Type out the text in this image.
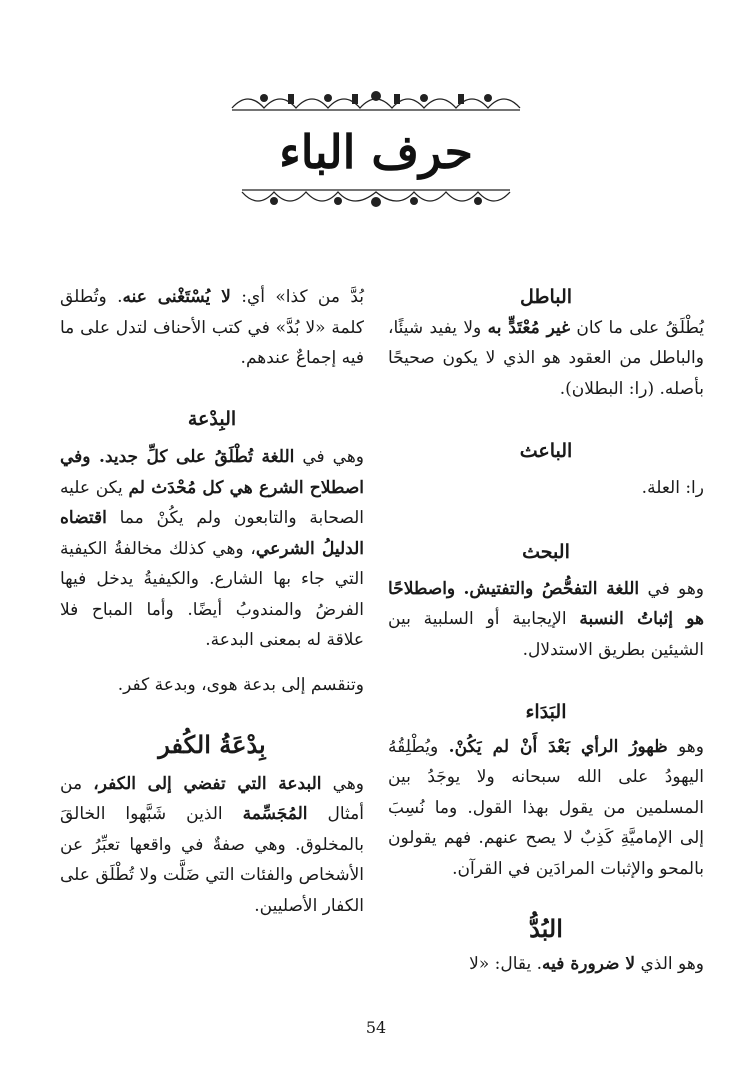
حرف الباء
الباطل

يُطْلَقُ على ما كان غير مُعْتَدٍّ به ولا يفيد شيئًا، والباطل من العقود هو الذي لا يكون صحيحًا بأصله. (را: البطلان).

الباعث

را: العلة.

البحث

وهو في اللغة التفحُّصُ والتفتيش. واصطلاحًا هو إثباتُ النسبة الإيجابية أو السلبية بين الشيئين بطريق الاستدلال.

البَدَاء

وهو ظهورُ الرأي بَعْدَ أَنْ لم يَكُنْ. ويُطْلِقُهُ اليهودُ على الله سبحانه ولا يوجَدُ بين المسلمين من يقول بهذا القول. وما نُسِبَ إلى الإماميَّةِ كَذِبٌ لا يصح عنهم. فهم يقولون بالمحو والإثبات المرادَين في القرآن.

البُدُّ

وهو الذي لا ضرورة فيه. يقال: «لا

بُدَّ من كذا» أي: لا يُسْتَغْنى عنه. وتُطلق كلمة «لا بُدَّ» في كتب الأحناف لتدل على ما فيه إجماعٌ عندهم.

البِدْعة

وهي في اللغة تُطْلَقُ على كلِّ جديد. وفي اصطلاح الشرع هي كل مُحْدَث لم يكن عليه الصحابة والتابعون ولم يكُنْ مما اقتضاه الدليلُ الشرعي، وهي كذلك مخالفةُ الكيفية التي جاء بها الشارع. والكيفيةُ يدخل فيها الفرضُ والمندوبُ أيضًا. وأما المباح فلا علاقة له بمعنى البدعة.

وتنقسم إلى بدعة هوى، وبدعة كفر.

بِدْعَةُ الكُفر

وهي البدعة التي تفضي إلى الكفر، من أمثال المُجَسِّمة الذين شَبَّهوا الخالقَ بالمخلوق. وهي صفةٌ في واقعها تعبِّرُ عن الأشخاص والفئات التي ضَلَّت ولا تُطْلَق على الكفار الأصليين.

54
